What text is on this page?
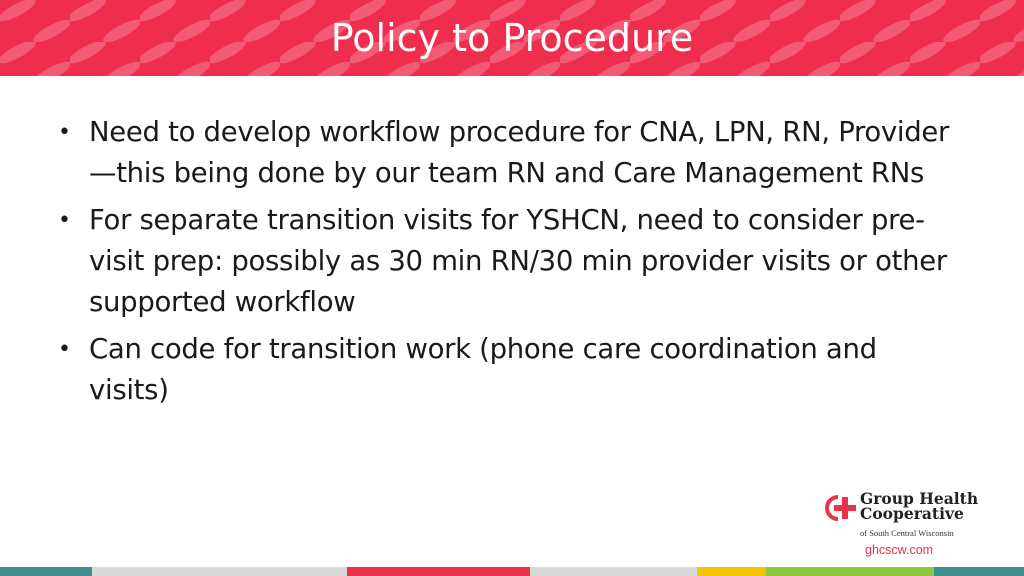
Policy to Procedure
• Need to develop workflow procedure for CNA, LPN, RN, Provider—this being done by our team RN and Care Management RNs
• For separate transition visits for YSHCN, need to consider pre-visit prep: possibly as 30 min RN/30 min provider visits or other supported workflow
• Can code for transition work (phone care coordination and visits)
Group Health
Cooperative
of South Central Wisconsin
ghcscw.com
